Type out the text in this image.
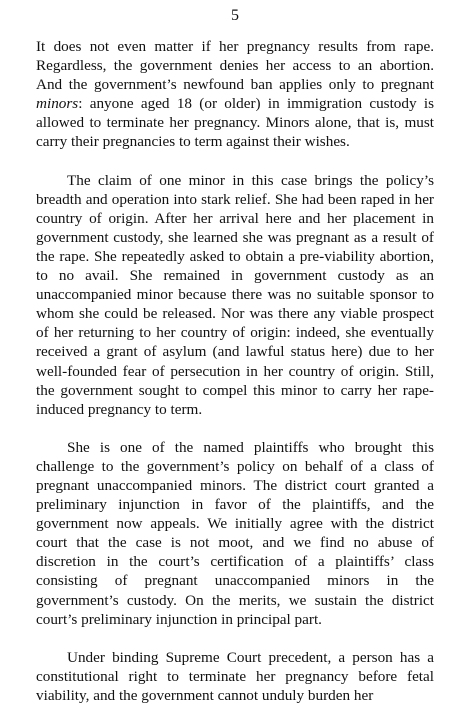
5

It does not even matter if her pregnancy results from rape. Regardless, the government denies her access to an abortion. And the government’s newfound ban applies only to pregnant minors: anyone aged 18 (or older) in immigration custody is allowed to terminate her pregnancy. Minors alone, that is, must carry their pregnancies to term against their wishes.

The claim of one minor in this case brings the policy’s breadth and operation into stark relief. She had been raped in her country of origin. After her arrival here and her placement in government custody, she learned she was pregnant as a result of the rape. She repeatedly asked to obtain a pre-viability abortion, to no avail. She remained in government custody as an unaccompanied minor because there was no suitable sponsor to whom she could be released. Nor was there any viable prospect of her returning to her country of origin: indeed, she eventually received a grant of asylum (and lawful status here) due to her well-founded fear of persecution in her country of origin. Still, the government sought to compel this minor to carry her rape-induced pregnancy to term.

She is one of the named plaintiffs who brought this challenge to the government’s policy on behalf of a class of pregnant unaccompanied minors. The district court granted a preliminary injunction in favor of the plaintiffs, and the government now appeals. We initially agree with the district court that the case is not moot, and we find no abuse of discretion in the court’s certification of a plaintiffs’ class consisting of pregnant unaccompanied minors in the government’s custody. On the merits, we sustain the district court’s preliminary injunction in principal part.

Under binding Supreme Court precedent, a person has a constitutional right to terminate her pregnancy before fetal viability, and the government cannot unduly burden her
